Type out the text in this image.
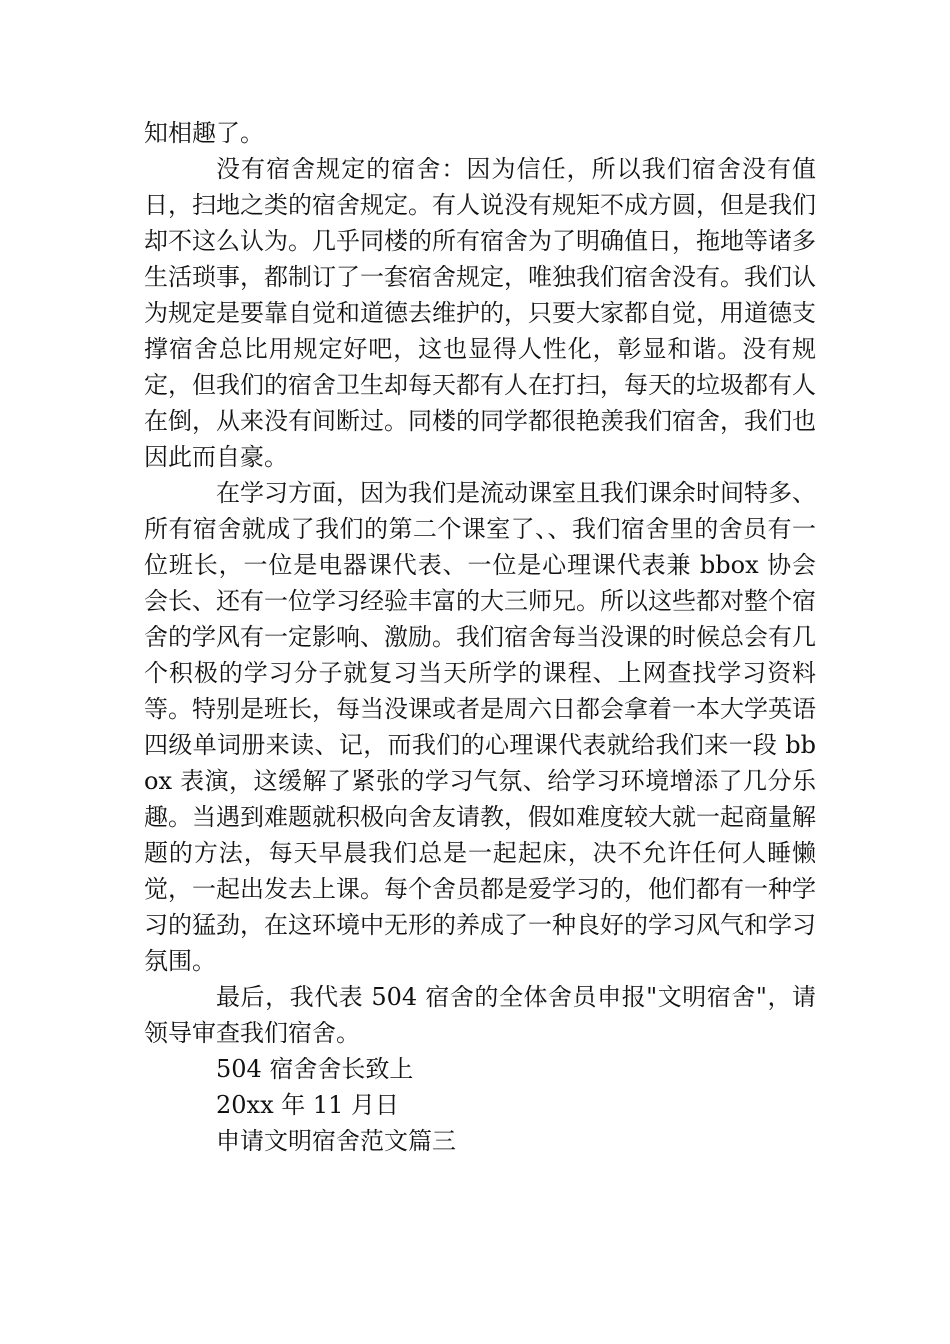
知相趣了。

没有宿舍规定的宿舍：因为信任，所以我们宿舍没有值日，扫地之类的宿舍规定。有人说没有规矩不成方圆，但是我们却不这么认为。几乎同楼的所有宿舍为了明确值日，拖地等诸多生活琐事，都制订了一套宿舍规定，唯独我们宿舍没有。我们认为规定是要靠自觉和道德去维护的，只要大家都自觉，用道德支撑宿舍总比用规定好吧，这也显得人性化，彰显和谐。没有规定，但我们的宿舍卫生却每天都有人在打扫，每天的垃圾都有人在倒，从来没有间断过。同楼的同学都很艳羡我们宿舍，我们也因此而自豪。

在学习方面，因为我们是流动课室且我们课余时间特多、所有宿舍就成了我们的第二个课室了、、我们宿舍里的舍员有一位班长，一位是电器课代表、一位是心理课代表兼 bbox 协会会长、还有一位学习经验丰富的大三师兄。所以这些都对整个宿舍的学风有一定影响、激励。我们宿舍每当没课的时候总会有几个积极的学习分子就复习当天所学的课程、上网查找学习资料等。特别是班长，每当没课或者是周六日都会拿着一本大学英语四级单词册来读、记，而我们的心理课代表就给我们来一段 bbox 表演，这缓解了紧张的学习气氛、给学习环境增添了几分乐趣。当遇到难题就积极向舍友请教，假如难度较大就一起商量解题的方法，每天早晨我们总是一起起床，决不允许任何人睡懒觉，一起出发去上课。每个舍员都是爱学习的，他们都有一种学习的猛劲，在这环境中无形的养成了一种良好的学习风气和学习氛围。

最后，我代表 504 宿舍的全体舍员申报"文明宿舍"，请领导审查我们宿舍。

504 宿舍舍长致上

20xx 年 11 月日

申请文明宿舍范文篇三
